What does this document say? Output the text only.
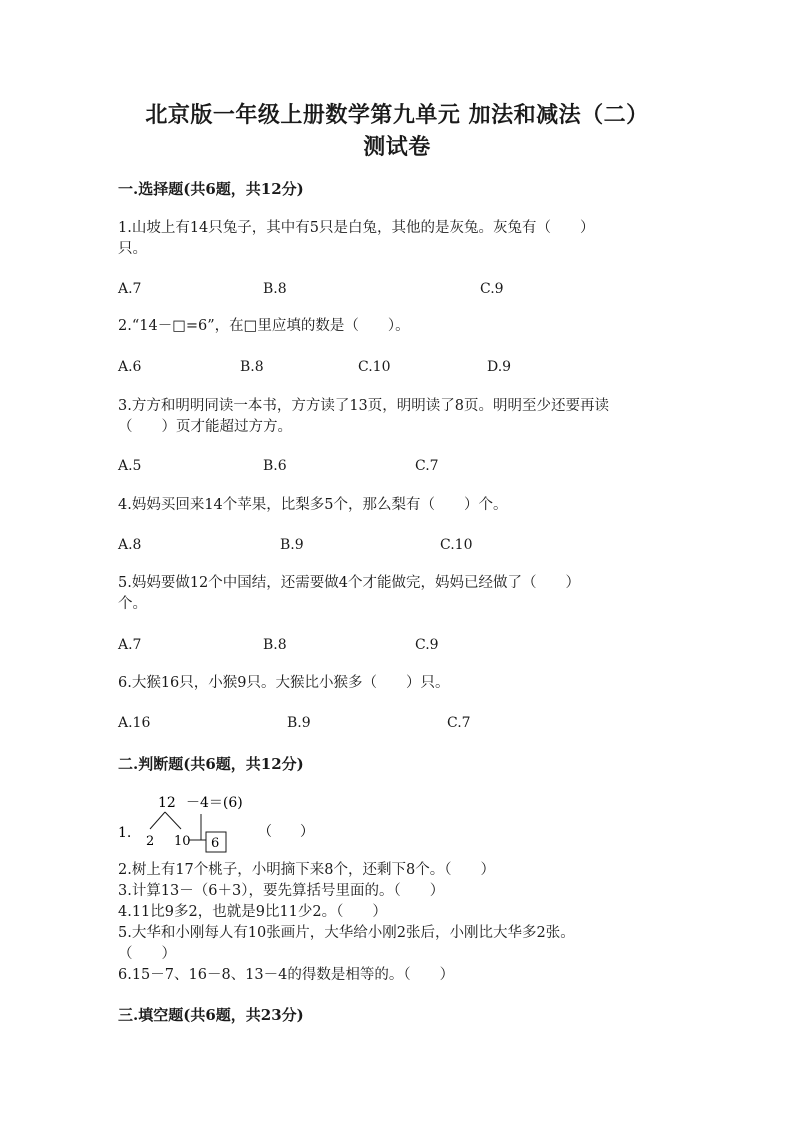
北京版一年级上册数学第九单元 加法和减法（二）
测试卷
一.选择题(共6题，共12分)
1.山坡上有14只兔子，其中有5只是白兔，其他的是灰兔。灰兔有（　　）
只。
A.7	B.8	C.9
2.“14－□=6”，在□里应填的数是（　　）。
A.6	B.8	C.10	D.9
3.方方和明明同读一本书，方方读了13页，明明读了8页。明明至少还要再读
（　　）页才能超过方方。
A.5	B.6	C.7
4.妈妈买回来14个苹果，比梨多5个，那么梨有（　　）个。
A.8	B.9	C.10
5.妈妈要做12个中国结，还需要做4个才能做完，妈妈已经做了（　　）
个。
A.7	B.8	C.9
6.大猴16只，小猴9只。大猴比小猴多（　　）只。
A.16	B.9	C.7
二.判断题(共6题，共12分)
1.
12 －4＝(6)
2 10 6
（　　）
2.树上有17个桃子，小明摘下来8个，还剩下8个。（　　）
3.计算13－（6＋3），要先算括号里面的。（　　）
4.11比9多2，也就是9比11少2。（　　）
5.大华和小刚每人有10张画片，大华给小刚2张后，小刚比大华多2张。
（　　）
6.15－7、16－8、13－4的得数是相等的。（　　）
三.填空题(共6题，共23分)
